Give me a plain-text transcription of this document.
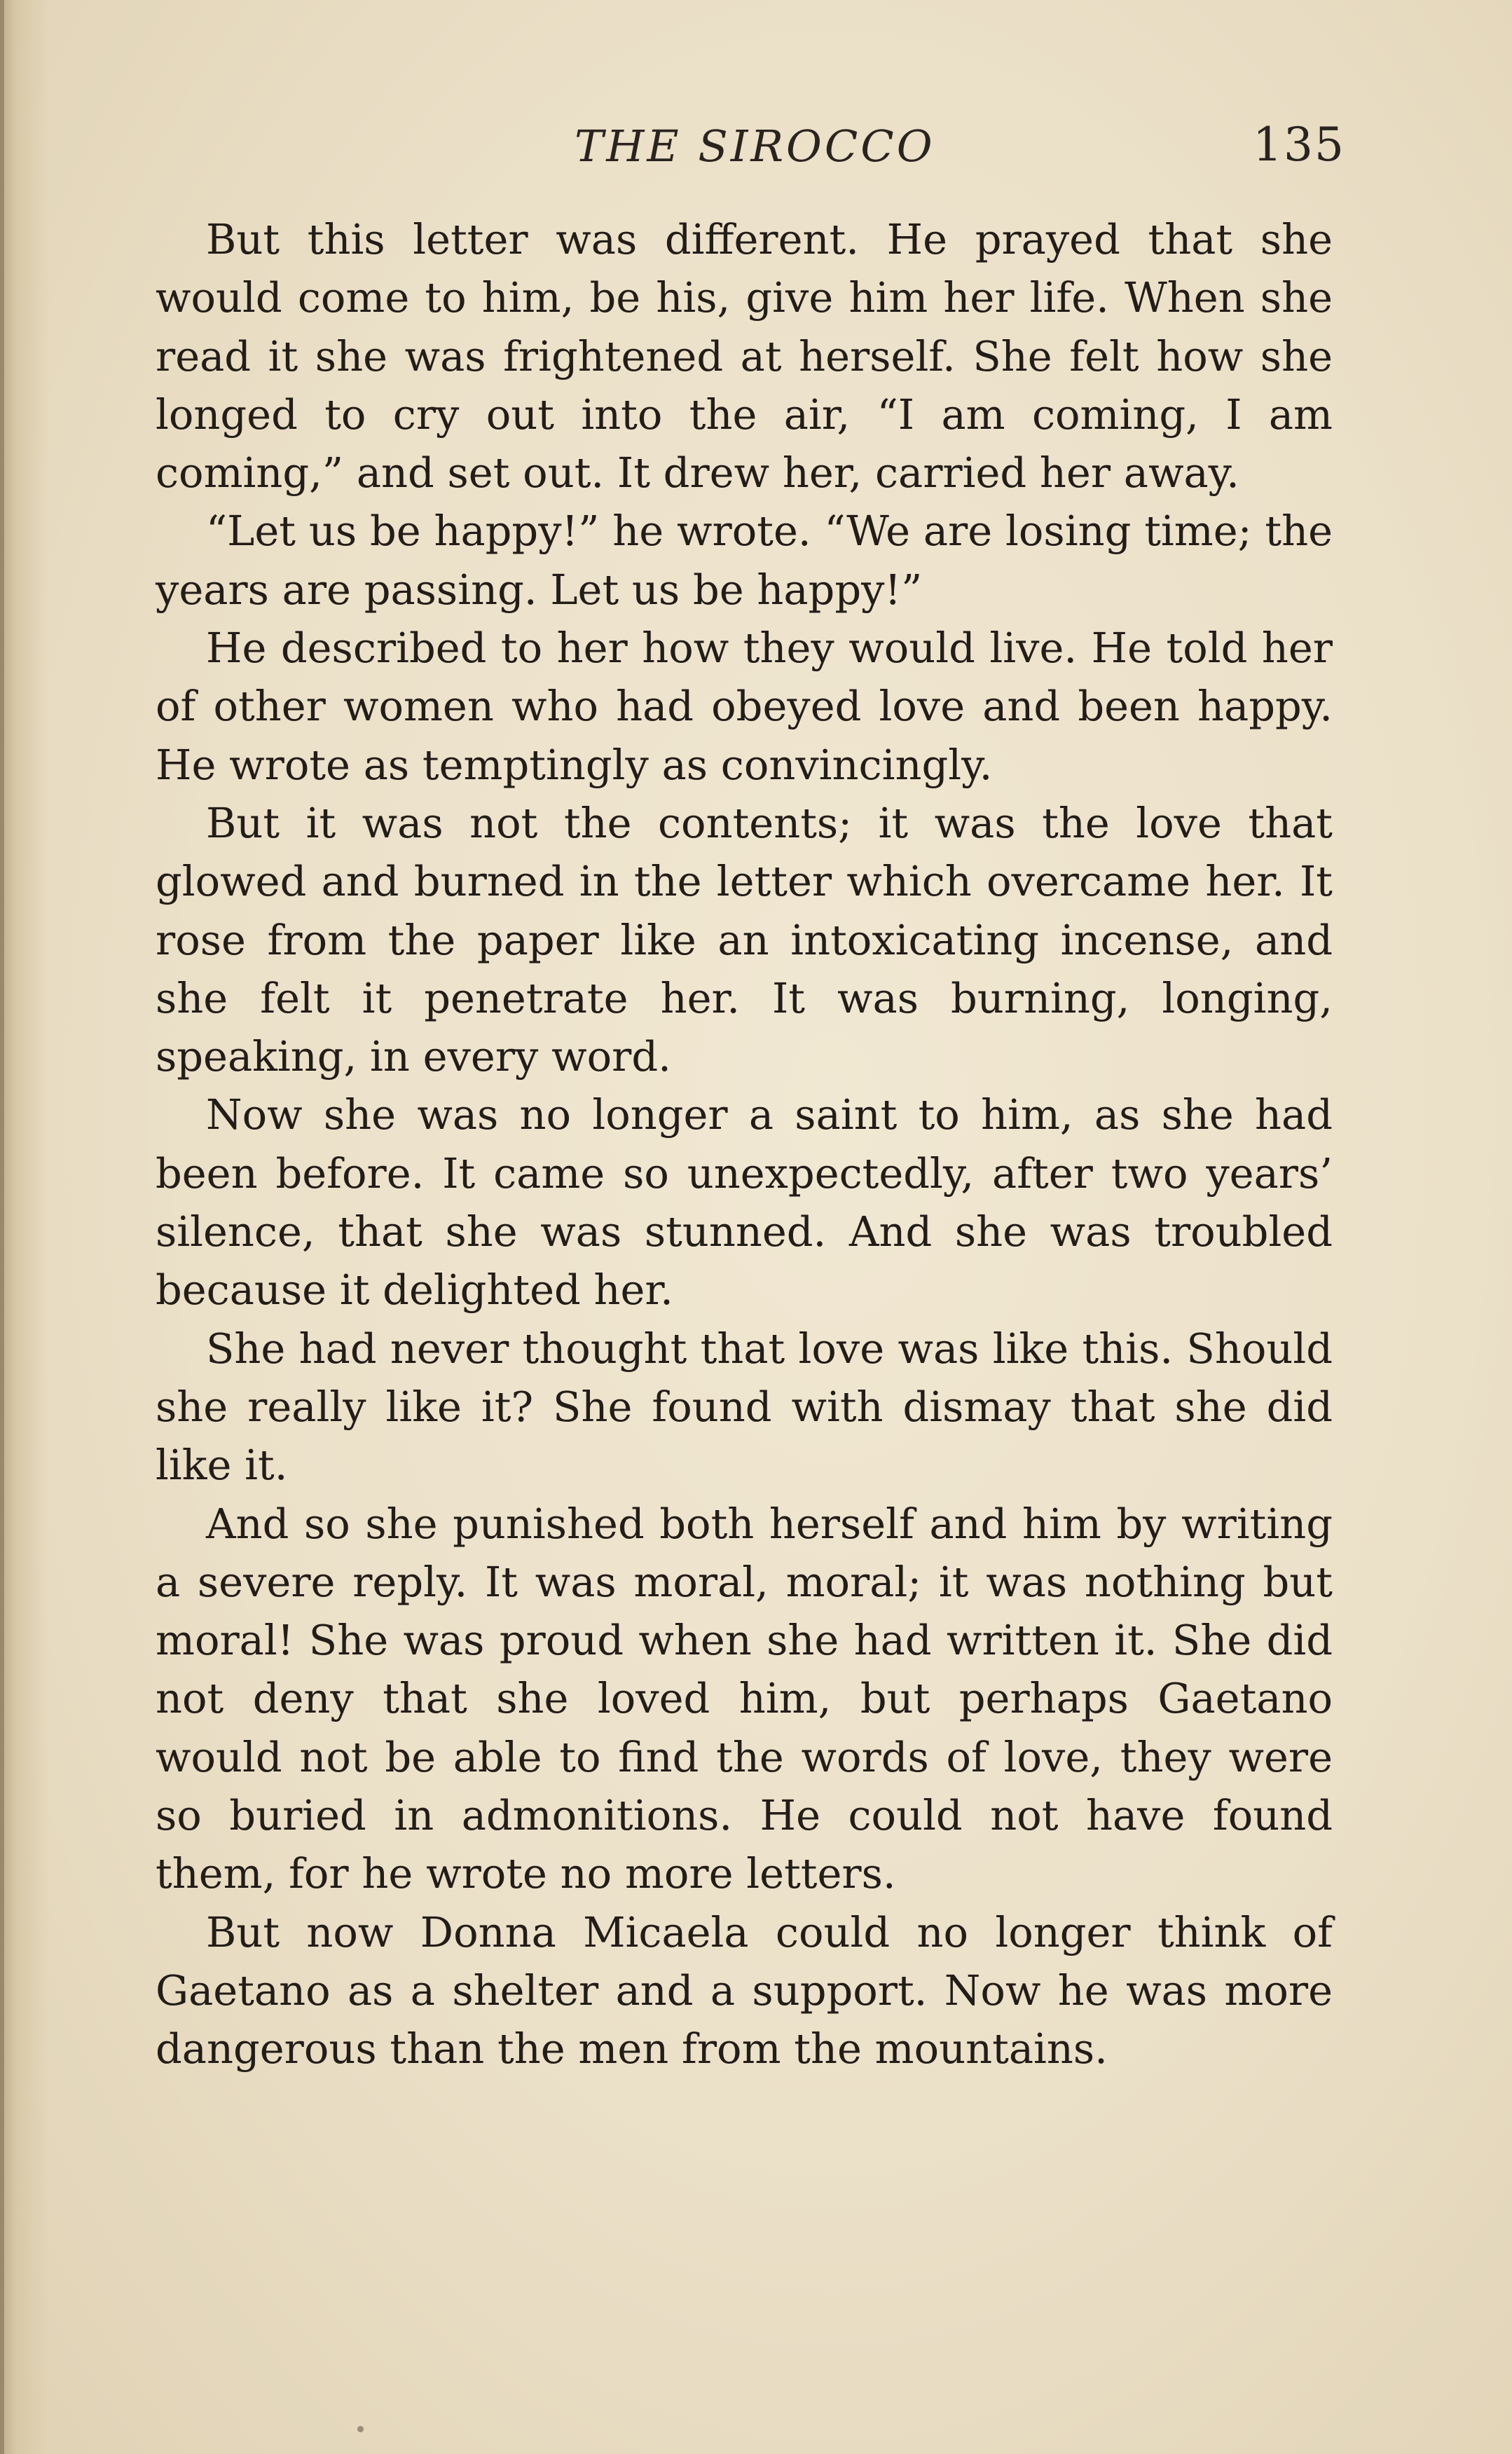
THE SIROCCO	135

But this letter was different. He prayed that she would come to him, be his, give him her life. When she read it she was frightened at herself. She felt how she longed to cry out into the air, “I am coming, I am coming,” and set out. It drew her, carried her away.

“Let us be happy!” he wrote. “We are losing time; the years are passing. Let us be happy!”

He described to her how they would live. He told her of other women who had obeyed love and been happy. He wrote as temptingly as convincingly.

But it was not the contents; it was the love that glowed and burned in the letter which overcame her. It rose from the paper like an intoxicating incense, and she felt it penetrate her. It was burning, longing, speaking, in every word.

Now she was no longer a saint to him, as she had been before. It came so unexpectedly, after two years’ silence, that she was stunned. And she was troubled because it delighted her.

She had never thought that love was like this. Should she really like it? She found with dismay that she did like it.

And so she punished both herself and him by writing a severe reply. It was moral, moral; it was nothing but moral! She was proud when she had written it. She did not deny that she loved him, but perhaps Gaetano would not be able to find the words of love, they were so buried in admonitions. He could not have found them, for he wrote no more letters.

But now Donna Micaela could no longer think of Gaetano as a shelter and a support. Now he was more dangerous than the men from the mountains.
